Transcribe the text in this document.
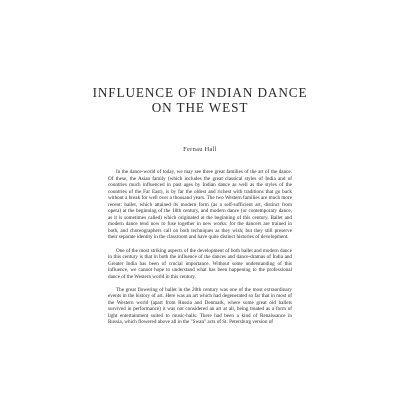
INFLUENCE OF INDIAN DANCE
ON THE WEST

Fernau Hall

In the dance-world of today, we may see three great families of the art of the dance. Of these, the Asian family (which includes the great classical styles of India and of countries much influenced in past ages by Indian dance as well as the styles of the countries of the Far East), is by far the oldest and richest with traditions that go back without a break for well over a thousand years. The two Western families are much more recent: ballet, which attained its modern form (as a self-sufficient art, distinct from opera) at the beginning of the 18th century, and modern dance (or contemporary dance, as it is sometimes called) which originated at the beginning of this century. Ballet and modern dance tend now to fuse together in new works: for the dancers are trained in both, and choreographers call on both techniques as they wish; but they still preserve their separate identity in the classroom and have quite distinct histories of development.

One of the most striking aspects of the development of both ballet and modern dance in this century is that in both the influence of the dances and dance-dramas of India and Greater India has been of crucial importance. Without some understanding of this influence, we cannot hope to understand what has been happening to the professional dance of the Western world in this century.

The great flowering of ballet in the 20th century was one of the most extraordinary events in the history of art. Here was an art which had degenerated so far that in most of the Western world (apart from Russia and Denmark, where some great old ballets survived in performance) it was not considered an art at all, being treated as a form of light entertainment suited to music-halls. There had been a kind of Renaissance in Russia, which flowered above all in the "Swan" acts of St. Petersburg version of
